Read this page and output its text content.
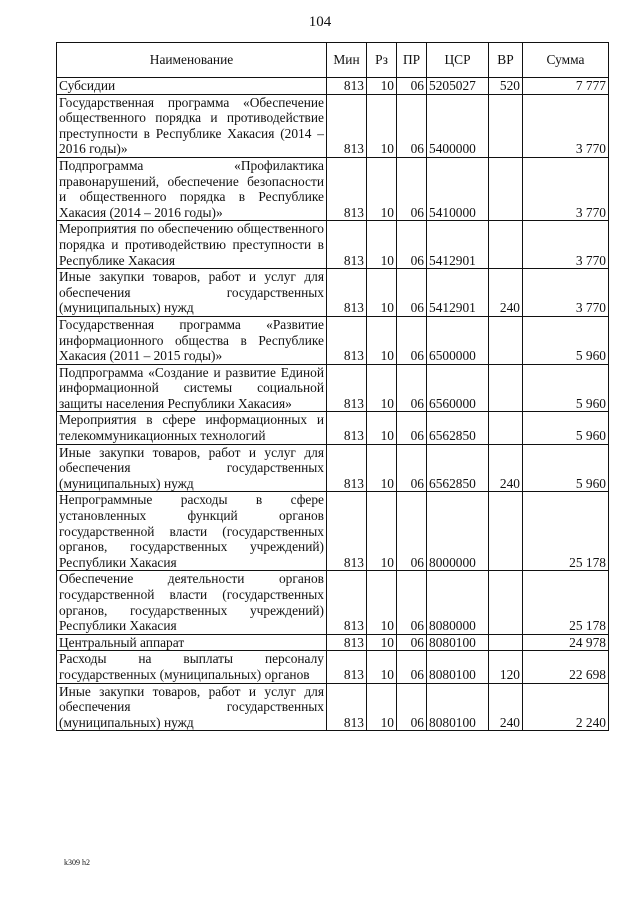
104
Наименование	Мин	Рз	ПР	ЦСР	ВР	Сумма
Субсидии	813	10	06	5205027	520	7 777
Государственная программа «Обеспечение общественного порядка и противодействие преступности в Республике Хакасия (2014 – 2016 годы)»	813	10	06	5400000		3 770
Подпрограмма «Профилактика правонарушений, обеспечение безопасности и общественного порядка в Республике Хакасия (2014 – 2016 годы)»	813	10	06	5410000		3 770
Мероприятия по обеспечению общественного порядка и противодействию преступности в Республике Хакасия	813	10	06	5412901		3 770
Иные закупки товаров, работ и услуг для обеспечения государственных (муниципальных) нужд	813	10	06	5412901	240	3 770
Государственная программа «Развитие информационного общества в Республике Хакасия (2011 – 2015 годы)»	813	10	06	6500000		5 960
Подпрограмма «Создание и развитие Единой информационной системы социальной защиты населения Республики Хакасия»	813	10	06	6560000		5 960
Мероприятия в сфере информационных и телекоммуникационных технологий	813	10	06	6562850		5 960
Иные закупки товаров, работ и услуг для обеспечения государственных (муниципальных) нужд	813	10	06	6562850	240	5 960
Непрограммные расходы в сфере установленных функций органов государственной власти (государственных органов, государственных учреждений) Республики Хакасия	813	10	06	8000000		25 178
Обеспечение деятельности органов государственной власти (государственных органов, государственных учреждений) Республики Хакасия	813	10	06	8080000		25 178
Центральный аппарат	813	10	06	8080100		24 978
Расходы на выплаты персоналу государственных (муниципальных) органов	813	10	06	8080100	120	22 698
Иные закупки товаров, работ и услуг для обеспечения государственных (муниципальных) нужд	813	10	06	8080100	240	2 240
k309 h2
